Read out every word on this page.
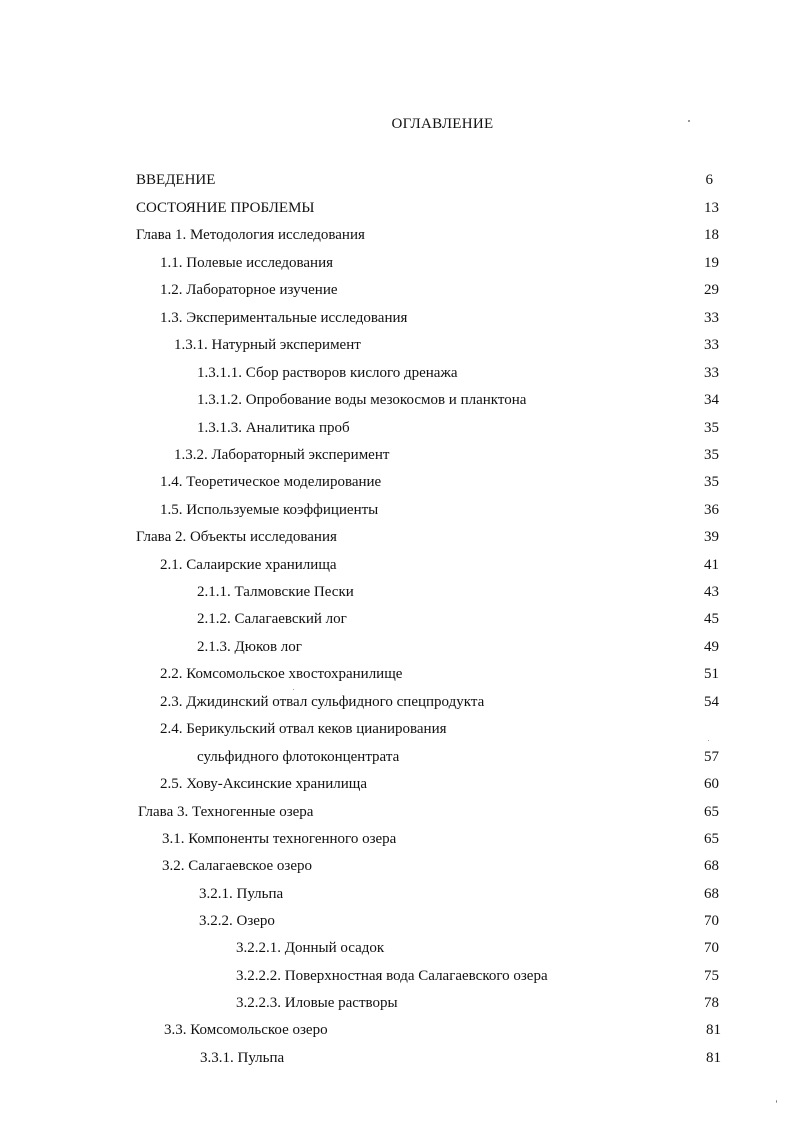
ОГЛАВЛЕНИЕ
ВВЕДЕНИЕ	6
СОСТОЯНИЕ ПРОБЛЕМЫ	13
Глава 1. Методология исследования	18
1.1. Полевые исследования	19
1.2. Лабораторное изучение	29
1.3. Экспериментальные исследования	33
1.3.1. Натурный эксперимент	33
1.3.1.1. Сбор растворов кислого дренажа	33
1.3.1.2. Опробование воды мезокосмов и планктона	34
1.3.1.3. Аналитика проб	35
1.3.2. Лабораторный эксперимент	35
1.4. Теоретическое моделирование	35
1.5. Используемые коэффициенты	36
Глава 2. Объекты исследования	39
2.1. Салаирские хранилища	41
2.1.1. Талмовские Пески	43
2.1.2. Салагаевский лог	45
2.1.3. Дюков лог	49
2.2. Комсомольское хвостохранилище	51
2.3. Джидинский отвал сульфидного спецпродукта	54
2.4. Берикульский отвал кеков цианирования
сульфидного флотоконцентрата	57
2.5. Хову-Аксинские хранилища	60
Глава 3. Техногенные озера	65
3.1. Компоненты техногенного озера	65
3.2. Салагаевское озеро	68
3.2.1. Пульпа	68
3.2.2. Озеро	70
3.2.2.1. Донный осадок	70
3.2.2.2. Поверхностная вода Салагаевского озера	75
3.2.2.3. Иловые растворы	78
3.3. Комсомольское озеро	81
3.3.1. Пульпа	81
